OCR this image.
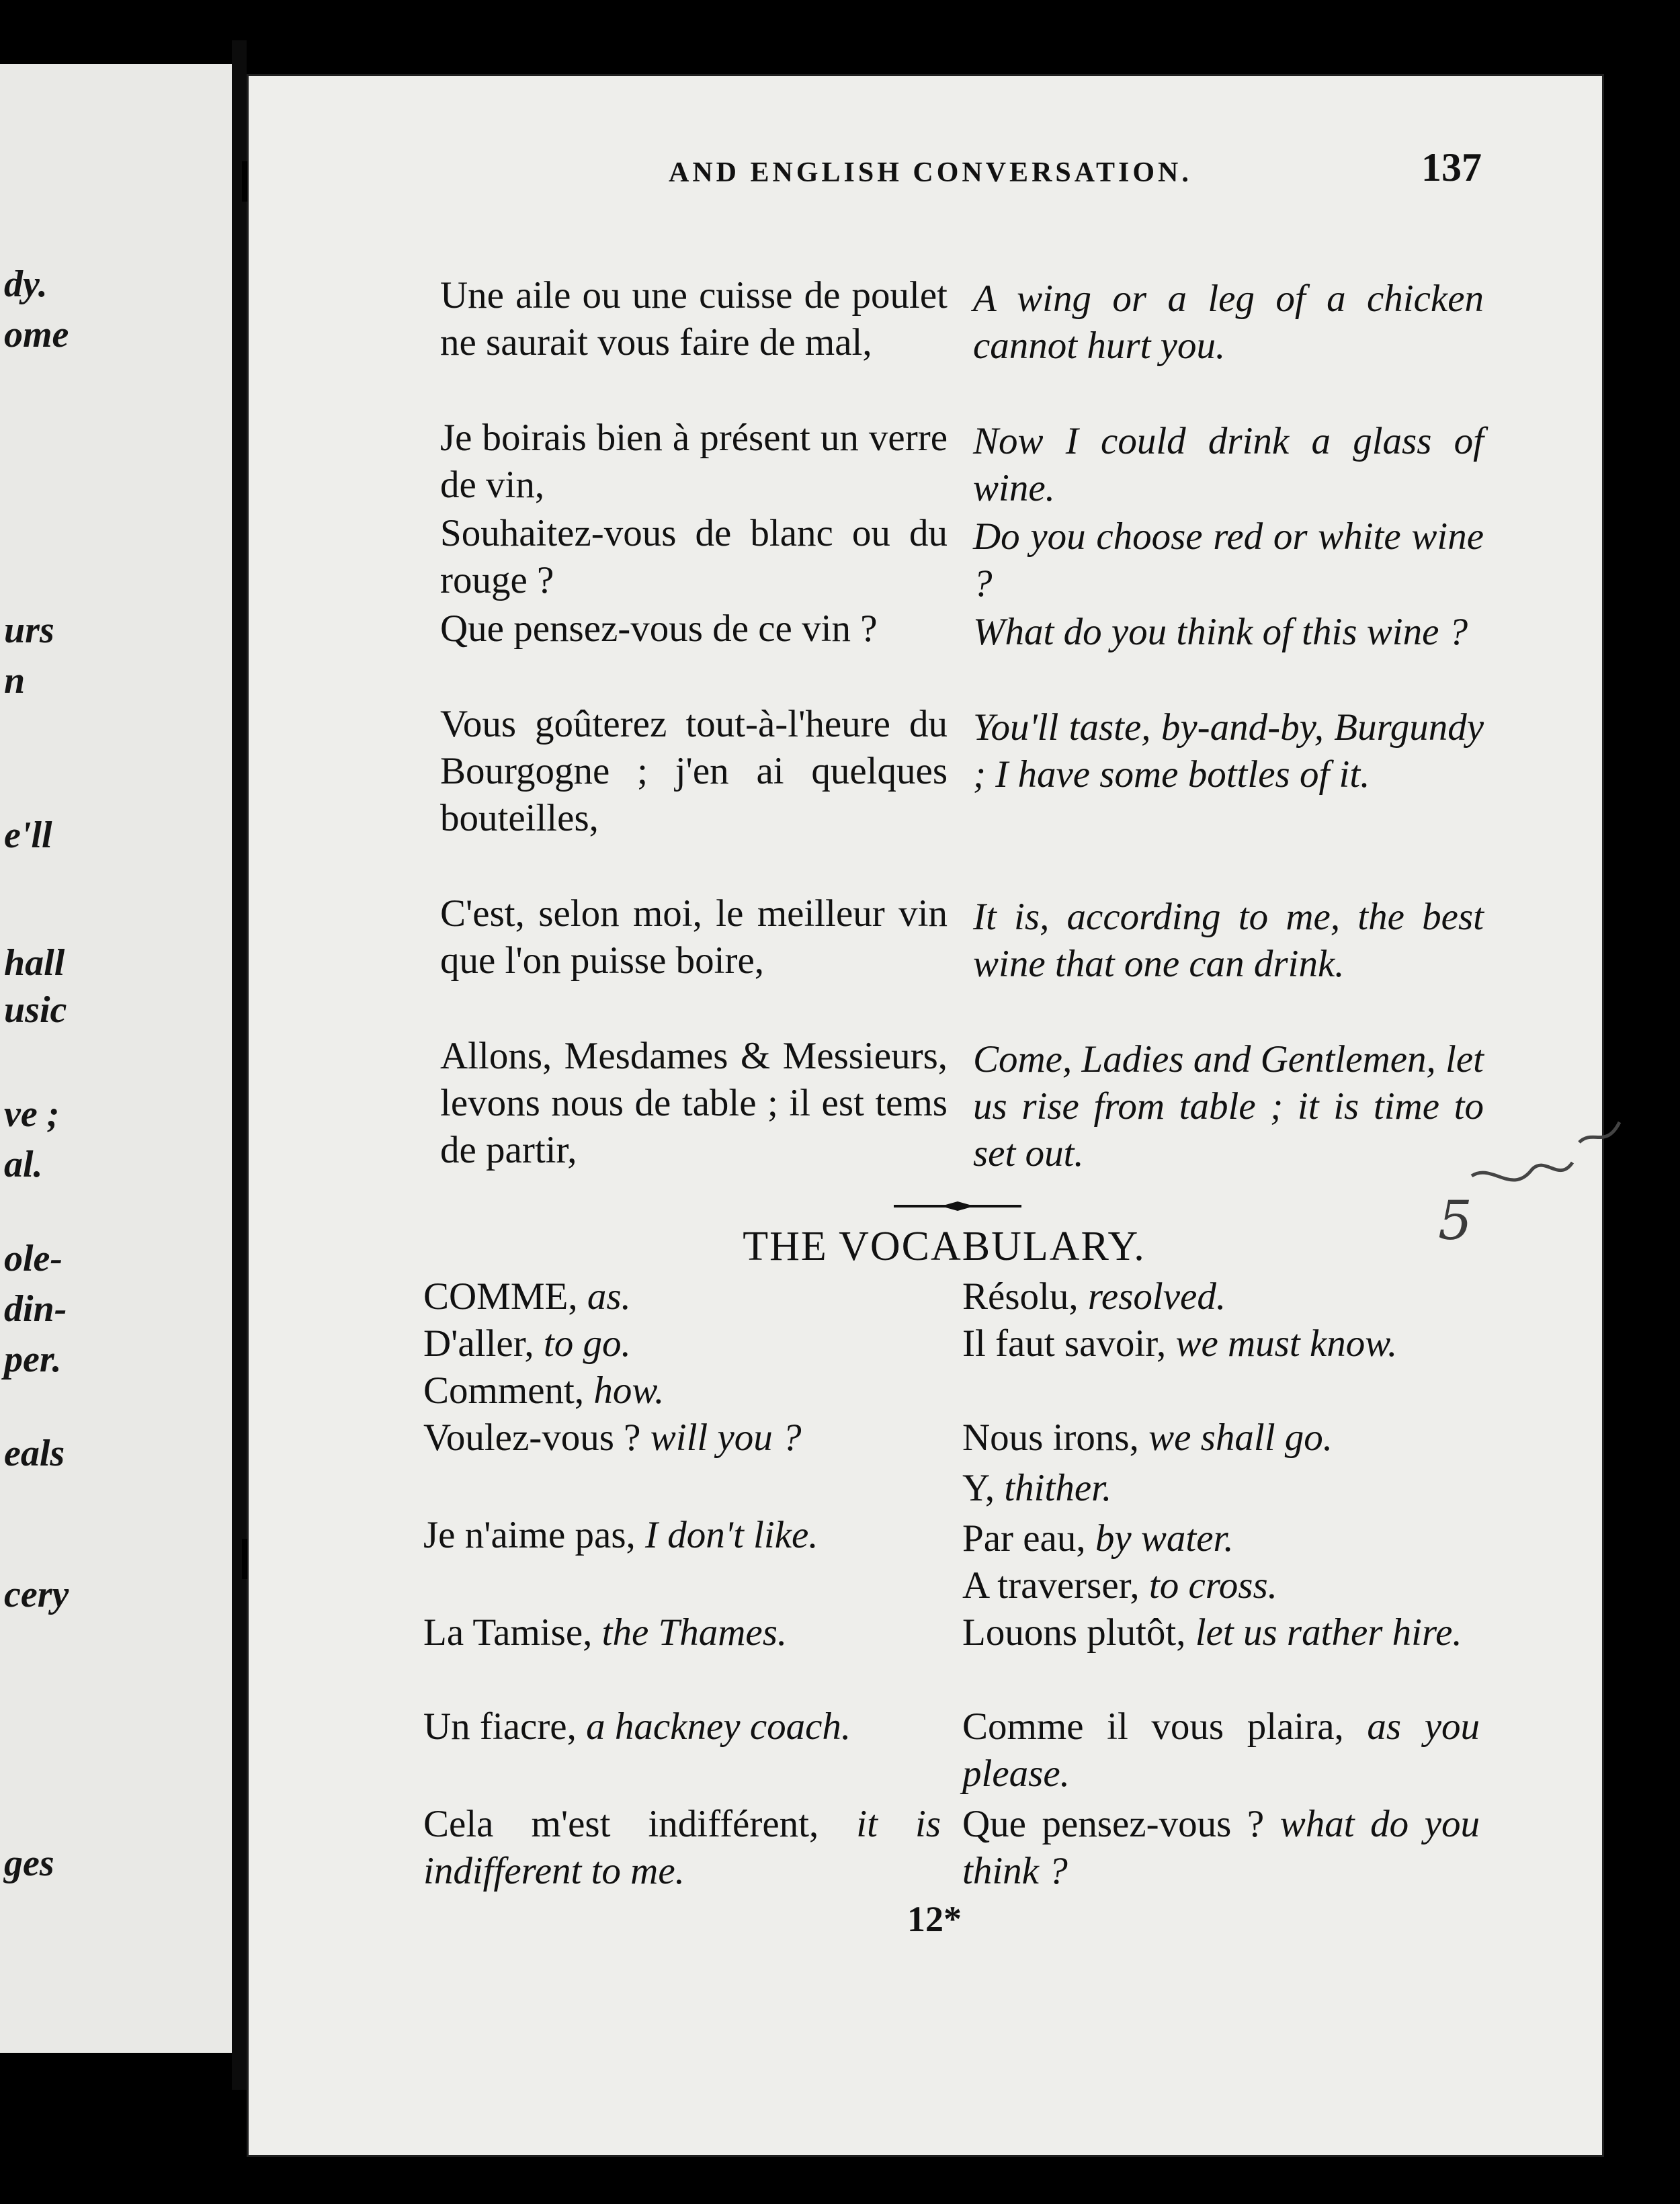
dy.
ome
urs
n
e'll
hall
usic
ve ;
al.
ole-
din-
per.
eals
cery
ges
AND ENGLISH CONVERSATION.	137
Une aile ou une cuisse de poulet ne saurait vous faire de mal,
Je boirais bien à présent un verre de vin,
Souhaitez-vous de blanc ou du rouge ?
Que pensez-vous de ce vin ?
Vous goûterez tout-à-l'heure du Bourgogne ; j'en ai quelques bouteilles,
C'est, selon moi, le meilleur vin que l'on puisse boire,
Allons, Mesdames & Messieurs, levons nous de table ; il est tems de partir,
A wing or a leg of a chicken cannot hurt you.
Now I could drink a glass of wine.
Do you choose red or white wine ?
What do you think of this wine ?
You'll taste, by-and-by, Burgundy ; I have some bottles of it.
It is, according to me, the best wine that one can drink.
Come, Ladies and Gentlemen, let us rise from table ; it is time to set out.
THE VOCABULARY.
COMME, as.
D'aller, to go.
Comment, how.
Voulez-vous ? will you ?
Je n'aime pas, I don't like.
La Tamise, the Thames.
Un fiacre, a hackney coach.
Cela m'est indifférent, it is indifferent to me.
Résolu, resolved.
Il faut savoir, we must know.
Nous irons, we shall go.
Y, thither.
Par eau, by water.
A traverser, to cross.
Louons plutôt, let us rather hire.
Comme il vous plaira, as you please.
Que pensez-vous ? what do you think ?
12*
5
